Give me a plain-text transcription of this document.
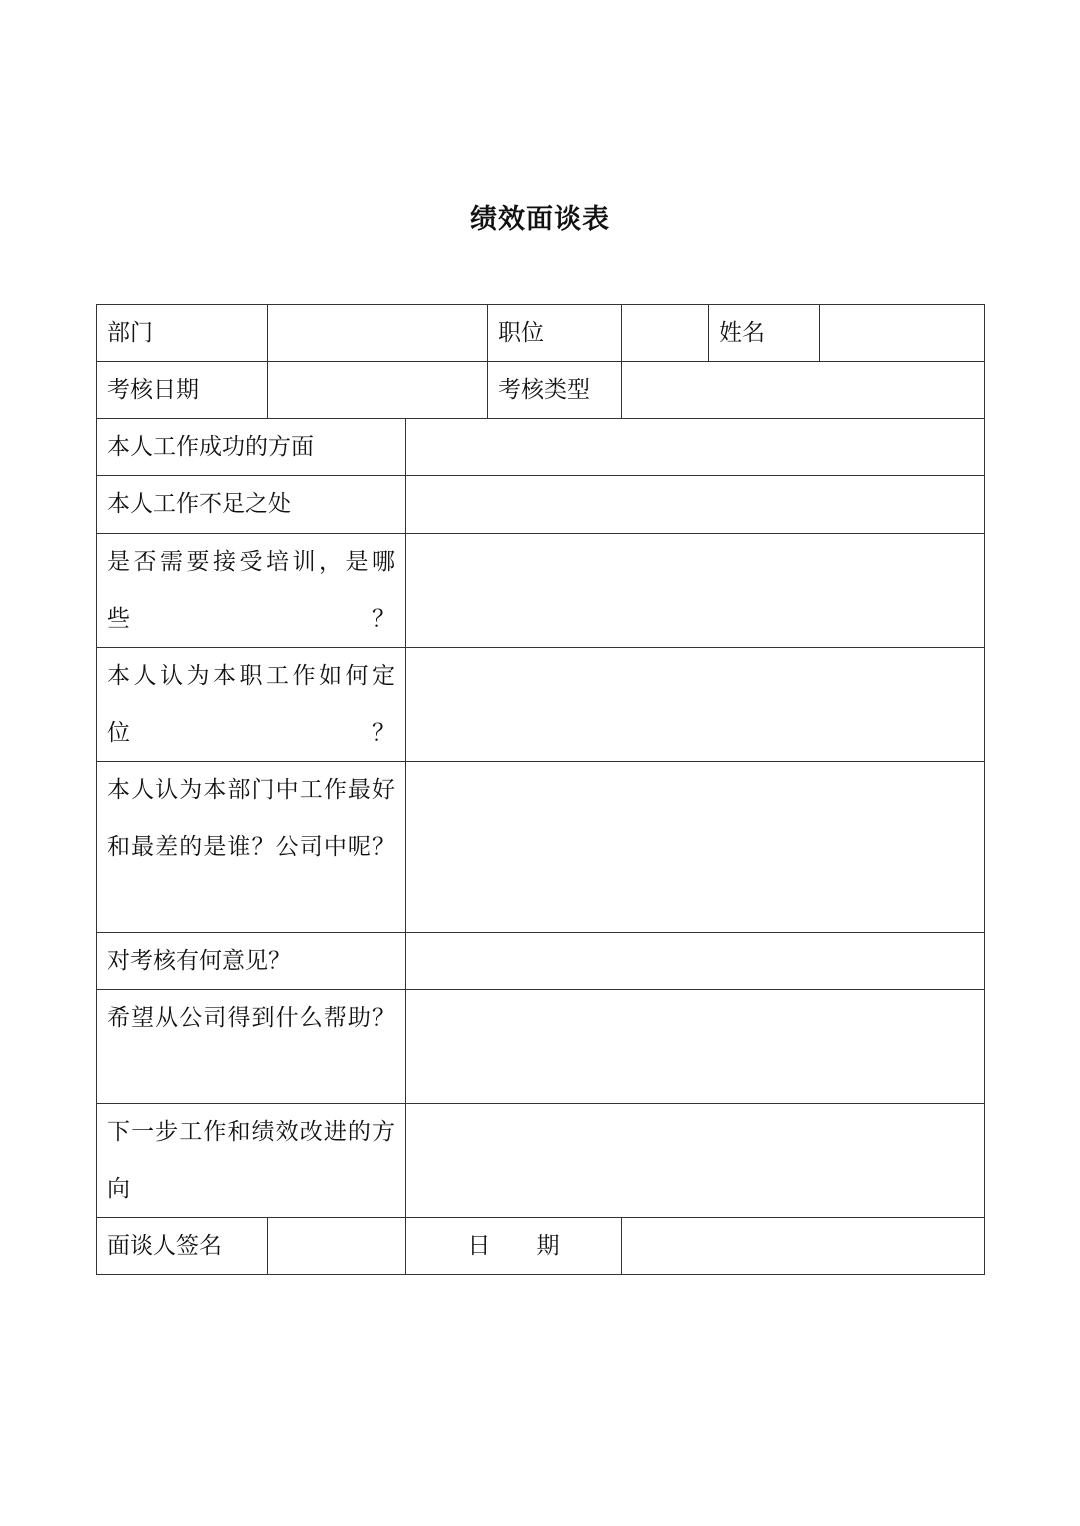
绩效面谈表
部门	职位	姓名
考核日期	考核类型
本人工作成功的方面
本人工作不足之处
是否需要接受培训，是哪些？
本人认为本职工作如何定位？
本人认为本部门中工作最好和最差的是谁？公司中呢？
对考核有何意见？
希望从公司得到什么帮助？
下一步工作和绩效改进的方向
面谈人签名	日　　期
